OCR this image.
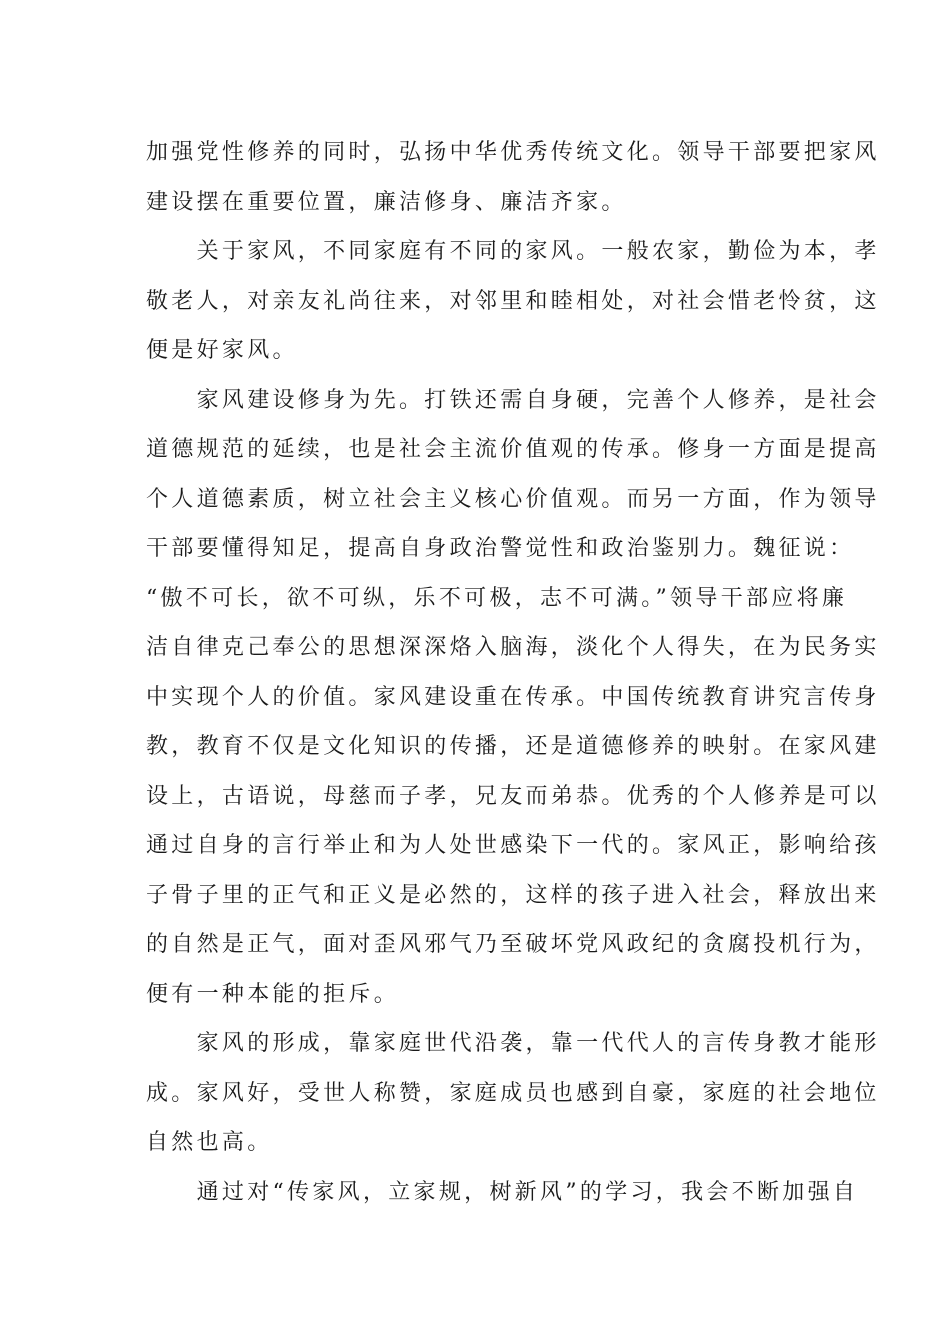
加强党性修养的同时，弘扬中华优秀传统文化。领导干部要把家风
建设摆在重要位置，廉洁修身、廉洁齐家。
　　关于家风，不同家庭有不同的家风。一般农家，勤俭为本，孝
敬老人，对亲友礼尚往来，对邻里和睦相处，对社会惜老怜贫，这
便是好家风。
　　家风建设修身为先。打铁还需自身硬，完善个人修养，是社会
道德规范的延续，也是社会主流价值观的传承。修身一方面是提高
个人道德素质，树立社会主义核心价值观。而另一方面，作为领导
干部要懂得知足，提高自身政治警觉性和政治鉴别力。魏征说：
“傲不可长，欲不可纵，乐不可极，志不可满。”领导干部应将廉
洁自律克己奉公的思想深深烙入脑海，淡化个人得失，在为民务实
中实现个人的价值。家风建设重在传承。中国传统教育讲究言传身
教，教育不仅是文化知识的传播，还是道德修养的映射。在家风建
设上，古语说，母慈而子孝，兄友而弟恭。优秀的个人修养是可以
通过自身的言行举止和为人处世感染下一代的。家风正，影响给孩
子骨子里的正气和正义是必然的，这样的孩子进入社会，释放出来
的自然是正气，面对歪风邪气乃至破坏党风政纪的贪腐投机行为，
便有一种本能的拒斥。
　　家风的形成，靠家庭世代沿袭，靠一代代人的言传身教才能形
成。家风好，受世人称赞，家庭成员也感到自豪，家庭的社会地位
自然也高。
　　通过对“传家风，立家规，树新风”的学习，我会不断加强自
